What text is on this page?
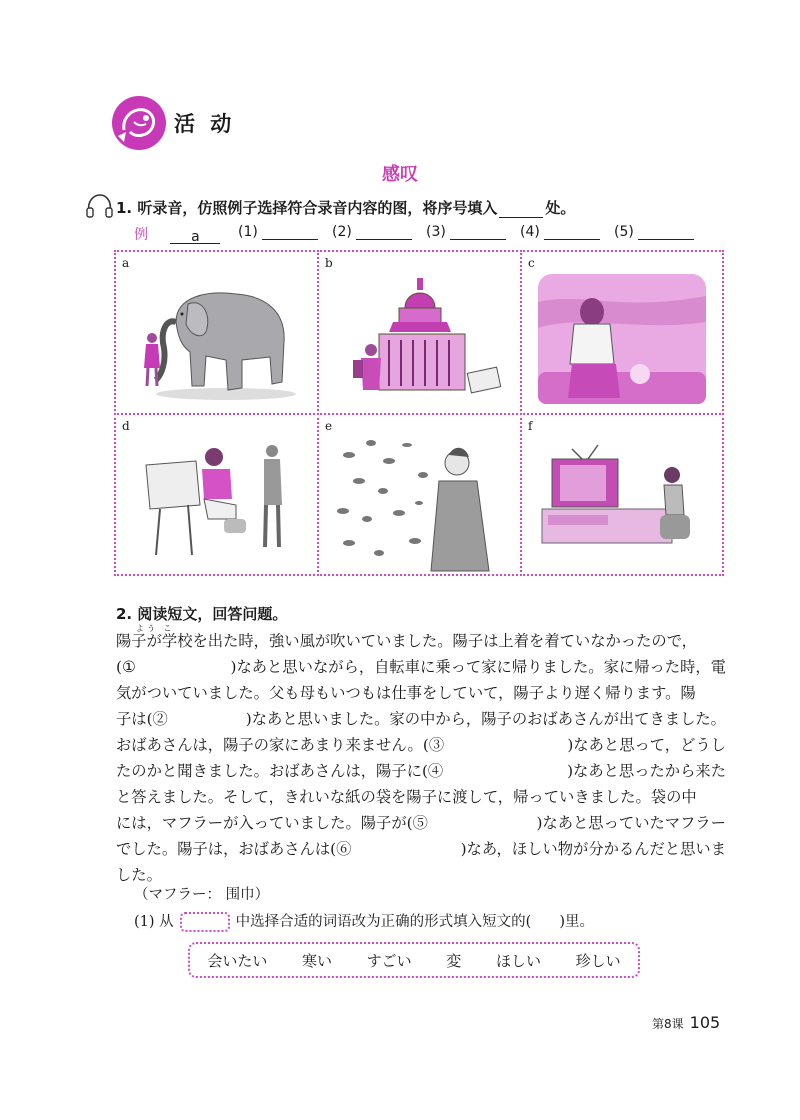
活 动
感叹
1. 听录音，仿照例子选择符合录音内容的图，将序号填入	处。
例	a	(1)	(2)	(3)	(4)	(5)
a	b	c
d	e	f
2. 阅读短文，回答问题。
よう こ
陽子が学校を出た時，強い風が吹いていました。陽子は上着を着ていなかったので，
(①	)なあと思いながら，自転車に乗って家に帰りました。家に帰った時，電
気がついていました。父も母もいつもは仕事をしていて，陽子より遅く帰ります。陽
子は(②	)なあと思いました。家の中から，陽子のおばあさんが出てきました。
おばあさんは，陽子の家にあまり来ません。(③	)なあと思って，どうし
たのかと聞きました。おばあさんは，陽子に(④	)なあと思ったから来た
と答えました。そして，きれいな紙の袋を陽子に渡して，帰っていきました。袋の中
には，マフラーが入っていました。陽子が(⑤	)なあと思っていたマフラー
でした。陽子は，おばあさんは(⑥	)なあ，ほしい物が分かるんだと思いま
した。
（マフラー： 围巾）
(1) 从	中选择合适的词语改为正确的形式填入短文的( )里。
会いたい 寒い すごい 変 ほしい 珍しい
第8课 105
